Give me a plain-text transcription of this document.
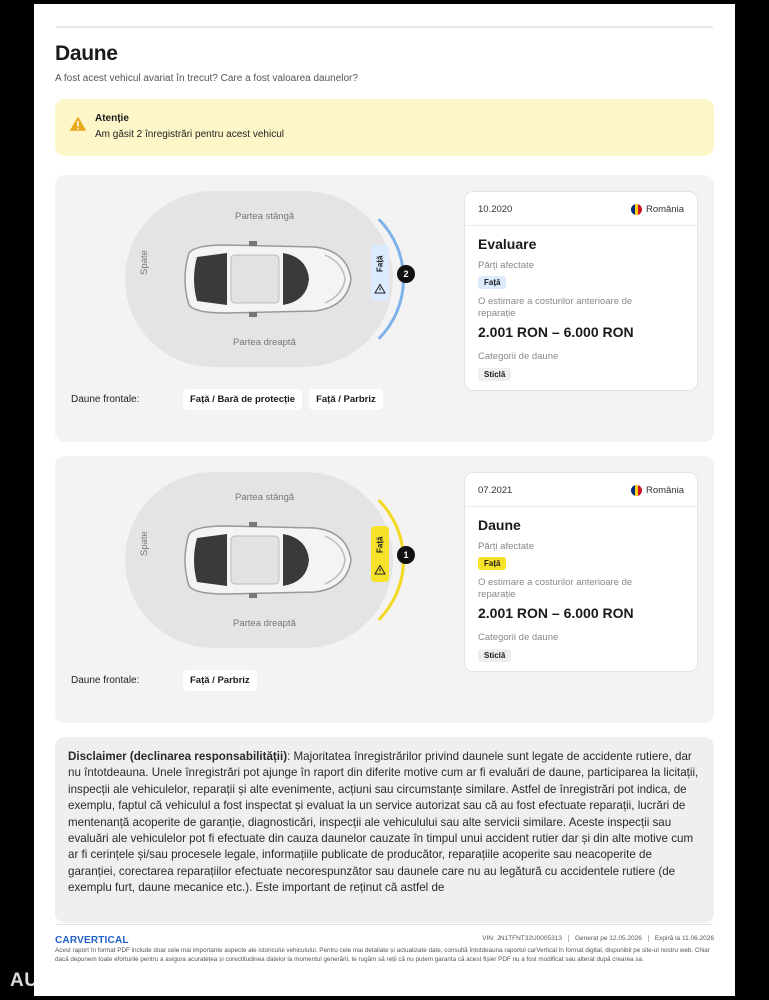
Daune

A fost acest vehicul avariat în trecut? Care a fost valoarea daunelor?

Atenție
Am găsit 2 înregistrări pentru acest vehicul
Partea stângă
Partea dreaptă
Spate	Față
2
Daune frontale:	Față / Bară de protecție	Față / Parbriz
10.2020	România
Evaluare
Părți afectate
Față
O estimare a costurilor anterioare de reparație
2.001 RON – 6.000 RON
Categorii de daune
Sticlă
Partea stângă
Partea dreaptă
Spate	Față
1
Daune frontale:	Față / Parbriz
07.2021	România
Daune
Părți afectate
Față
O estimare a costurilor anterioare de reparație
2.001 RON – 6.000 RON
Categorii de daune
Sticlă
Disclaimer (declinarea responsabilității): Majoritatea înregistrărilor privind daunele sunt legate de accidente rutiere, dar nu întotdeauna. Unele înregistrări pot ajunge în raport din diferite motive cum ar fi evaluări de daune, participarea la licitații, inspecții ale vehiculelor, reparații și alte evenimente, acțiuni sau circumstanțe similare. Astfel de înregistrări pot indica, de exemplu, faptul că vehiculul a fost inspectat și evaluat la un service autorizat sau că au fost efectuate reparații, lucrări de mentenanță acoperite de garanție, diagnosticări, inspecții ale vehiculului sau alte servicii similare. Aceste inspecții sau evaluări ale vehiculelor pot fi efectuate din cauza daunelor cauzate în timpul unui accident rutier dar și din alte motive cum ar fi cerințele și/sau procesele legale, informațiile publicate de producător, reparațiile acoperite sau neacoperite de garanției, corectarea reparațiilor efectuate necorespunzător sau daunele care nu au legătură cu accidentele rutiere (de exemplu furt, daune mecanice etc.). Este important de reținut că astfel de
CARVERTICAL	VIN: JN1TFNT32U0005313	Generat pe 12.05.2026	Expiră la 11.06.2026
Acest raport în format PDF include doar cele mai importante aspecte ale istoricului vehiculului. Pentru cele mai detaliate și actualizate date, consultă întotdeauna raportul carVertical în format digital, disponibil pe site-ul nostru web. Chiar dacă depunem toate eforturile pentru a asigura acuratețea și corectitudinea datelor la momentul generării, te rugăm să reții că nu putem garanta că acest fișier PDF nu a fost modificat sau alterat după crearea sa.
AUTOVIT.RO
